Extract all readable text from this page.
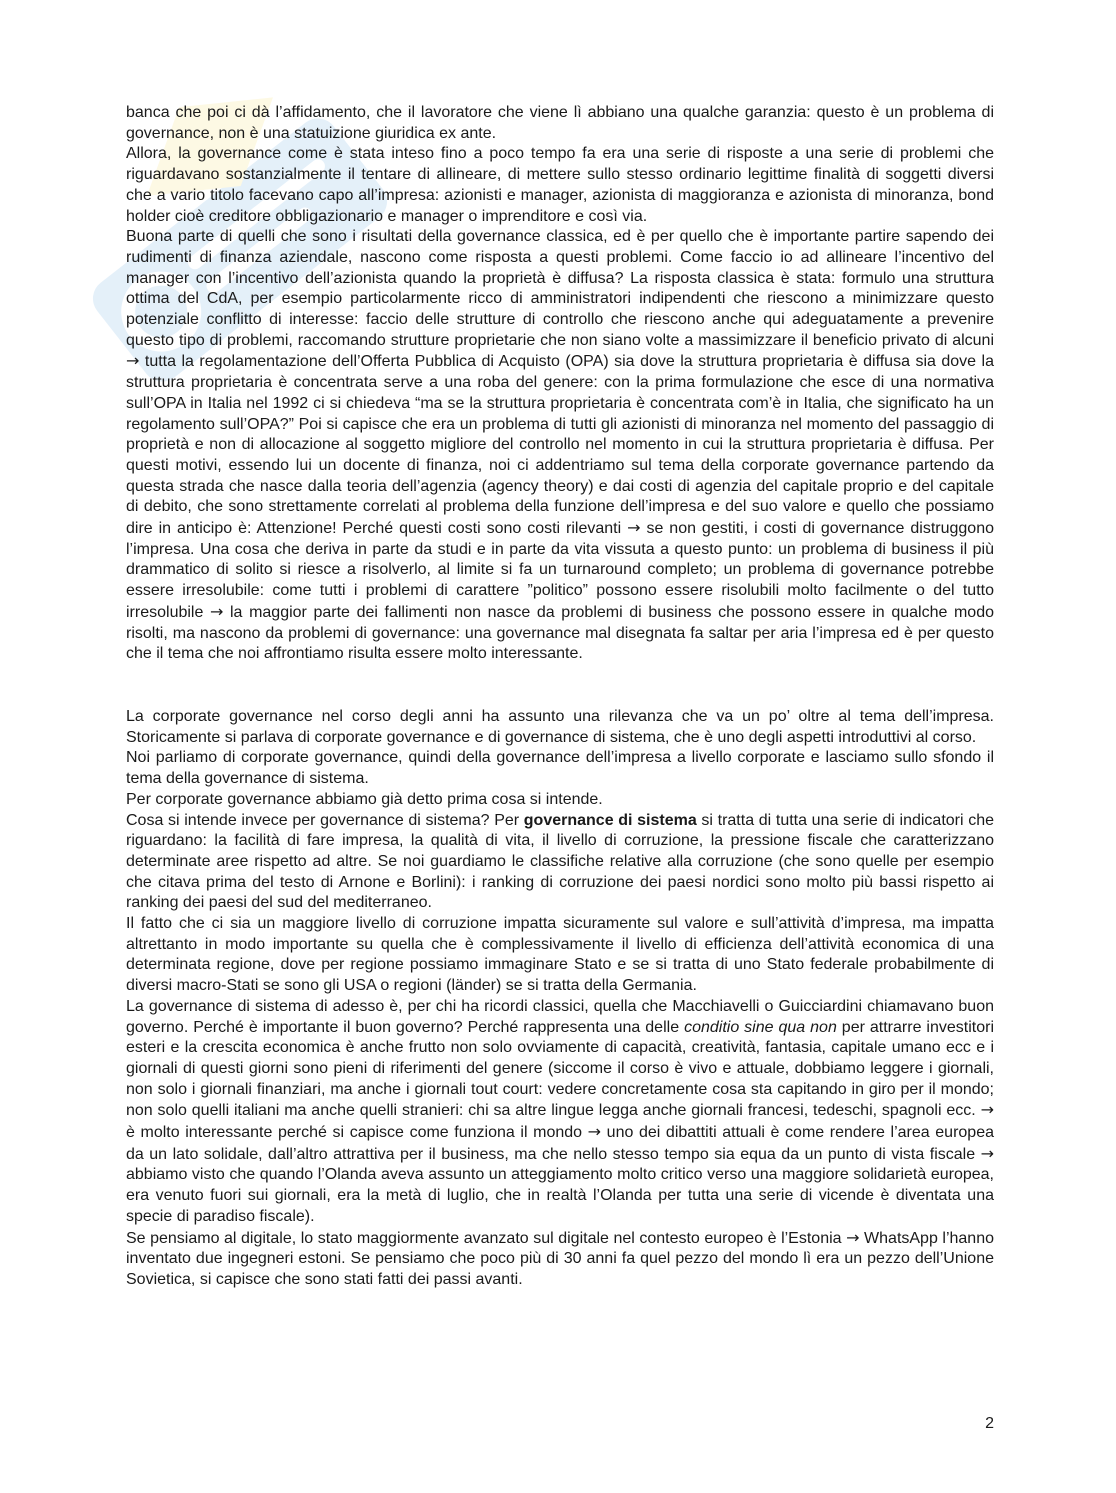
banca che poi ci dà l’affidamento, che il lavoratore che viene lì abbiano una qualche garanzia: questo è un problema di governance, non è una statuizione giuridica ex ante.

Allora, la governance come è stata inteso fino a poco tempo fa era una serie di risposte a una serie di problemi che riguardavano sostanzialmente il tentare di allineare, di mettere sullo stesso ordinario legittime finalità di soggetti diversi che a vario titolo facevano capo all’impresa: azionisti e manager, azionista di maggioranza e azionista di minoranza, bond holder cioè creditore obbligazionario e manager o imprenditore e così via.

Buona parte di quelli che sono i risultati della governance classica, ed è per quello che è importante partire sapendo dei rudimenti di finanza aziendale, nascono come risposta a questi problemi. Come faccio io ad allineare l’incentivo del manager con l’incentivo dell’azionista quando la proprietà è diffusa? La risposta classica è stata: formulo una struttura ottima del CdA, per esempio particolarmente ricco di amministratori indipendenti che riescono a minimizzare questo potenziale conflitto di interesse: faccio delle strutture di controllo che riescono anche qui adeguatamente a prevenire questo tipo di problemi, raccomando strutture proprietarie che non siano volte a massimizzare il beneficio privato di alcuni → tutta la regolamentazione dell’Offerta Pubblica di Acquisto (OPA) sia dove la struttura proprietaria è diffusa sia dove la struttura proprietaria è concentrata serve a una roba del genere: con la prima formulazione che esce di una normativa sull’OPA in Italia nel 1992 ci si chiedeva “ma se la struttura proprietaria è concentrata com’è in Italia, che significato ha un regolamento sull’OPA?” Poi si capisce che era un problema di tutti gli azionisti di minoranza nel momento del passaggio di proprietà e non di allocazione al soggetto migliore del controllo nel momento in cui la struttura proprietaria è diffusa. Per questi motivi, essendo lui un docente di finanza, noi ci addentriamo sul tema della corporate governance partendo da questa strada che nasce dalla teoria dell’agenzia (agency theory) e dai costi di agenzia del capitale proprio e del capitale di debito, che sono strettamente correlati al problema della funzione dell’impresa e del suo valore e quello che possiamo dire in anticipo è: Attenzione! Perché questi costi sono costi rilevanti → se non gestiti, i costi di governance distruggono l’impresa. Una cosa che deriva in parte da studi e in parte da vita vissuta a questo punto: un problema di business il più drammatico di solito si riesce a risolverlo, al limite si fa un turnaround completo; un problema di governance potrebbe essere irresolubile: come tutti i problemi di carattere ”politico” possono essere risolubili molto facilmente o del tutto irresolubile → la maggior parte dei fallimenti non nasce da problemi di business che possono essere in qualche modo risolti, ma nascono da problemi di governance: una governance mal disegnata fa saltar per aria l’impresa ed è per questo che il tema che noi affrontiamo risulta essere molto interessante.

La corporate governance nel corso degli anni ha assunto una rilevanza che va un po’ oltre al tema dell’impresa. Storicamente si parlava di corporate governance e di governance di sistema, che è uno degli aspetti introduttivi al corso.

Noi parliamo di corporate governance, quindi della governance dell’impresa a livello corporate e lasciamo sullo sfondo il tema della governance di sistema.

Per corporate governance abbiamo già detto prima cosa si intende.

Cosa si intende invece per governance di sistema? Per governance di sistema si tratta di tutta una serie di indicatori che riguardano: la facilità di fare impresa, la qualità di vita, il livello di corruzione, la pressione fiscale che caratterizzano determinate aree rispetto ad altre. Se noi guardiamo le classifiche relative alla corruzione (che sono quelle per esempio che citava prima del testo di Arnone e Borlini): i ranking di corruzione dei paesi nordici sono molto più bassi rispetto ai ranking dei paesi del sud del mediterraneo.

Il fatto che ci sia un maggiore livello di corruzione impatta sicuramente sul valore e sull’attività d’impresa, ma impatta altrettanto in modo importante su quella che è complessivamente il livello di efficienza dell’attività economica di una determinata regione, dove per regione possiamo immaginare Stato e se si tratta di uno Stato federale probabilmente di diversi macro-Stati se sono gli USA o regioni (länder) se si tratta della Germania.

La governance di sistema di adesso è, per chi ha ricordi classici, quella che Macchiavelli o Guicciardini chiamavano buon governo. Perché è importante il buon governo? Perché rappresenta una delle conditio sine qua non per attrarre investitori esteri e la crescita economica è anche frutto non solo ovviamente di capacità, creatività, fantasia, capitale umano ecc e i giornali di questi giorni sono pieni di riferimenti del genere (siccome il corso è vivo e attuale, dobbiamo leggere i giornali, non solo i giornali finanziari, ma anche i giornali tout court: vedere concretamente cosa sta capitando in giro per il mondo; non solo quelli italiani ma anche quelli stranieri: chi sa altre lingue legga anche giornali francesi, tedeschi, spagnoli ecc. → è molto interessante perché si capisce come funziona il mondo → uno dei dibattiti attuali è come rendere l’area europea da un lato solidale, dall’altro attrattiva per il business, ma che nello stesso tempo sia equa da un punto di vista fiscale → abbiamo visto che quando l’Olanda aveva assunto un atteggiamento molto critico verso una maggiore solidarietà europea, era venuto fuori sui giornali, era la metà di luglio, che in realtà l’Olanda per tutta una serie di vicende è diventata una specie di paradiso fiscale).

Se pensiamo al digitale, lo stato maggiormente avanzato sul digitale nel contesto europeo è l’Estonia → WhatsApp l’hanno inventato due ingegneri estoni. Se pensiamo che poco più di 30 anni fa quel pezzo del mondo lì era un pezzo dell’Unione Sovietica, si capisce che sono stati fatti dei passi avanti.

2
